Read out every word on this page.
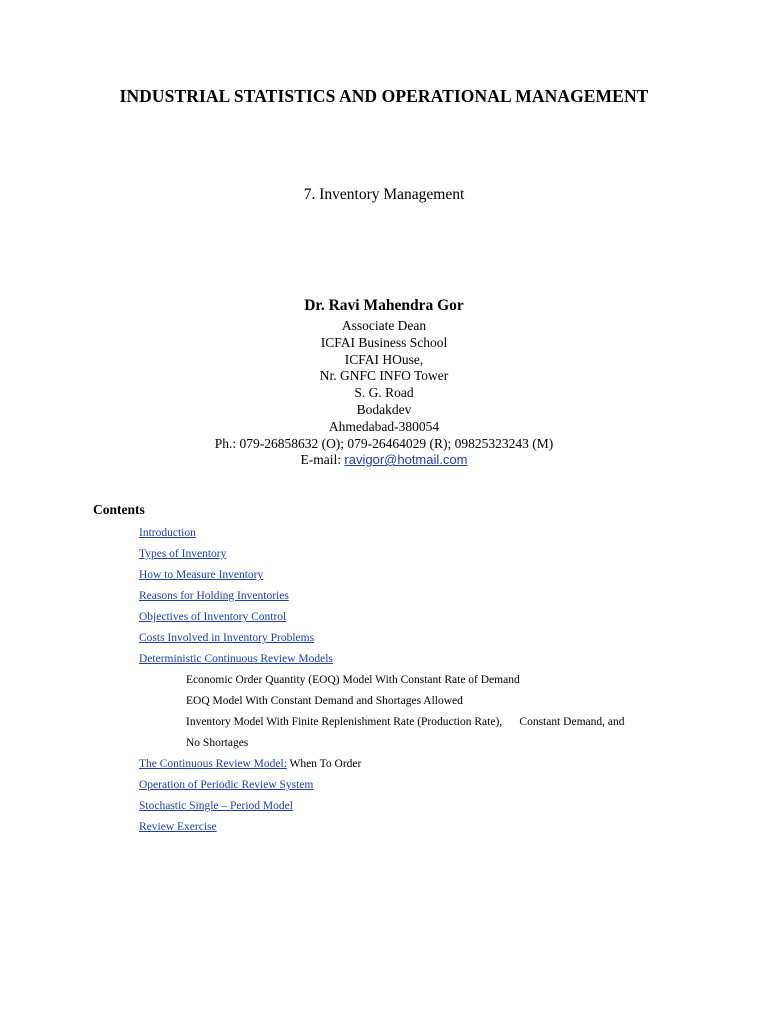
INDUSTRIAL STATISTICS AND OPERATIONAL MANAGEMENT
7. Inventory Management
Dr. Ravi Mahendra Gor
Associate Dean
ICFAI Business School
ICFAI HOuse,
Nr. GNFC INFO Tower
S. G. Road
Bodakdev
Ahmedabad-380054
Ph.: 079-26858632 (O); 079-26464029 (R); 09825323243 (M)
E-mail: ravigor@hotmail.com
Contents
Introduction
Types of Inventory
How to Measure Inventory
Reasons for Holding Inventories
Objectives of Inventory Control
Costs Involved in Inventory Problems
Deterministic Continuous Review Models
Economic Order Quantity (EOQ) Model With Constant Rate of Demand
EOQ Model With Constant Demand and Shortages Allowed
Inventory Model With Finite Replenishment Rate (Production Rate),      Constant Demand, and
No Shortages
The Continuous Review Model: When To Order
Operation of Periodic Review System
Stochastic Single – Period Model
Review Exercise
